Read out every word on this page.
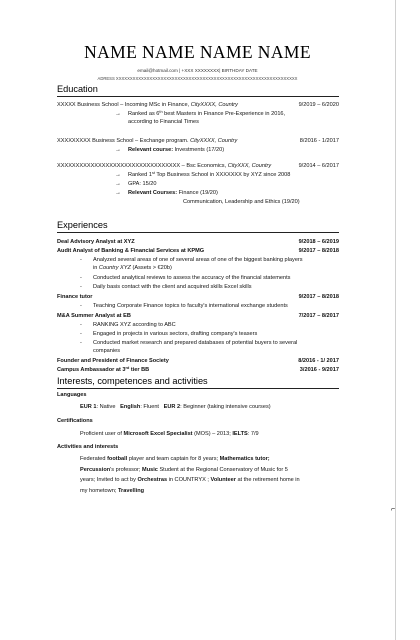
NAME NAME NAME NAME
email@hotmail.com | +XXX XXXXXXXX| BIRTHDAY DATE
ADRESS XXXXXXXXXXXXXXXXXXXXXXXXXXXXXXXXXXXXXXXXXXXXXXXXXXXXXXXXXXXXXXXXX
Education
XXXXX Business School – Incoming MSc in Finance, CityXXXX, Country	9/2019 – 6/2020
→ Ranked as 6th best Masters in Finance Pre-Experience in 2016,
according to Financial Times
XXXXXXXXX Business School – Exchange program. CityXXXX, Country	8/2016 - 1/2017
→ Relevant course: Investments (17/20)
XXXXXXXXXXXXXXXXXXXXXXXXXXXXXXXXX – Bsc Economics, CityXXX, Country	9/2014 – 6/2017
→ Ranked 1st Top Business School in XXXXXXX by XYZ since 2008
→ GPA: 15/20
→ Relevant Courses: Finance (19/20)
Communication, Leadership and Ethics (19/20)
Experiences
Deal Advisory Analyst at XYZ	9/2018 – 6/2019
Audit Analyst of Banking & Financial Services at KPMG	9/2017 – 8/2018
- Analyzed several areas of one of several areas of one of the biggest banking players
in Country XYZ (Assets > €20b)
- Conducted analytical reviews to assess the accuracy of the financial statements
- Daily basis contact with the client and acquired skills Excel skills
Finance tutor	9/2017 – 8/2018
- Teaching Corporate Finance topics to faculty's international exchange students
M&A Summer Analyst at EB	7/2017 – 8/2017
- RANKING XYZ according to ABC
- Engaged in projects in various sectors, drafting company's teasers
- Conducted market research and prepared databases of potential buyers to several
companies
Founder and President of Finance Society	8/2016 - 1/ 2017
Campus Ambassador at 3rd tier BB	3/2016 - 9/2017
Interests, competences and activities
Languages
EUR 1: Native English: Fluent EUR 2: Beginner (taking intensive courses)
Certifications
Proficient user of Microsoft Excel Specialist (MOS) – 2013; IELTS: 7/9
Activities and interests
Federated football player and team captain for 8 years; Mathematics tutor;
Percussion's professor; Music Student at the Regional Conservatory of Music for 5
years; Invited to act by Orchestras in COUNTRYX ; Volunteer at the retirement home in
my hometown; Travelling
⌐
